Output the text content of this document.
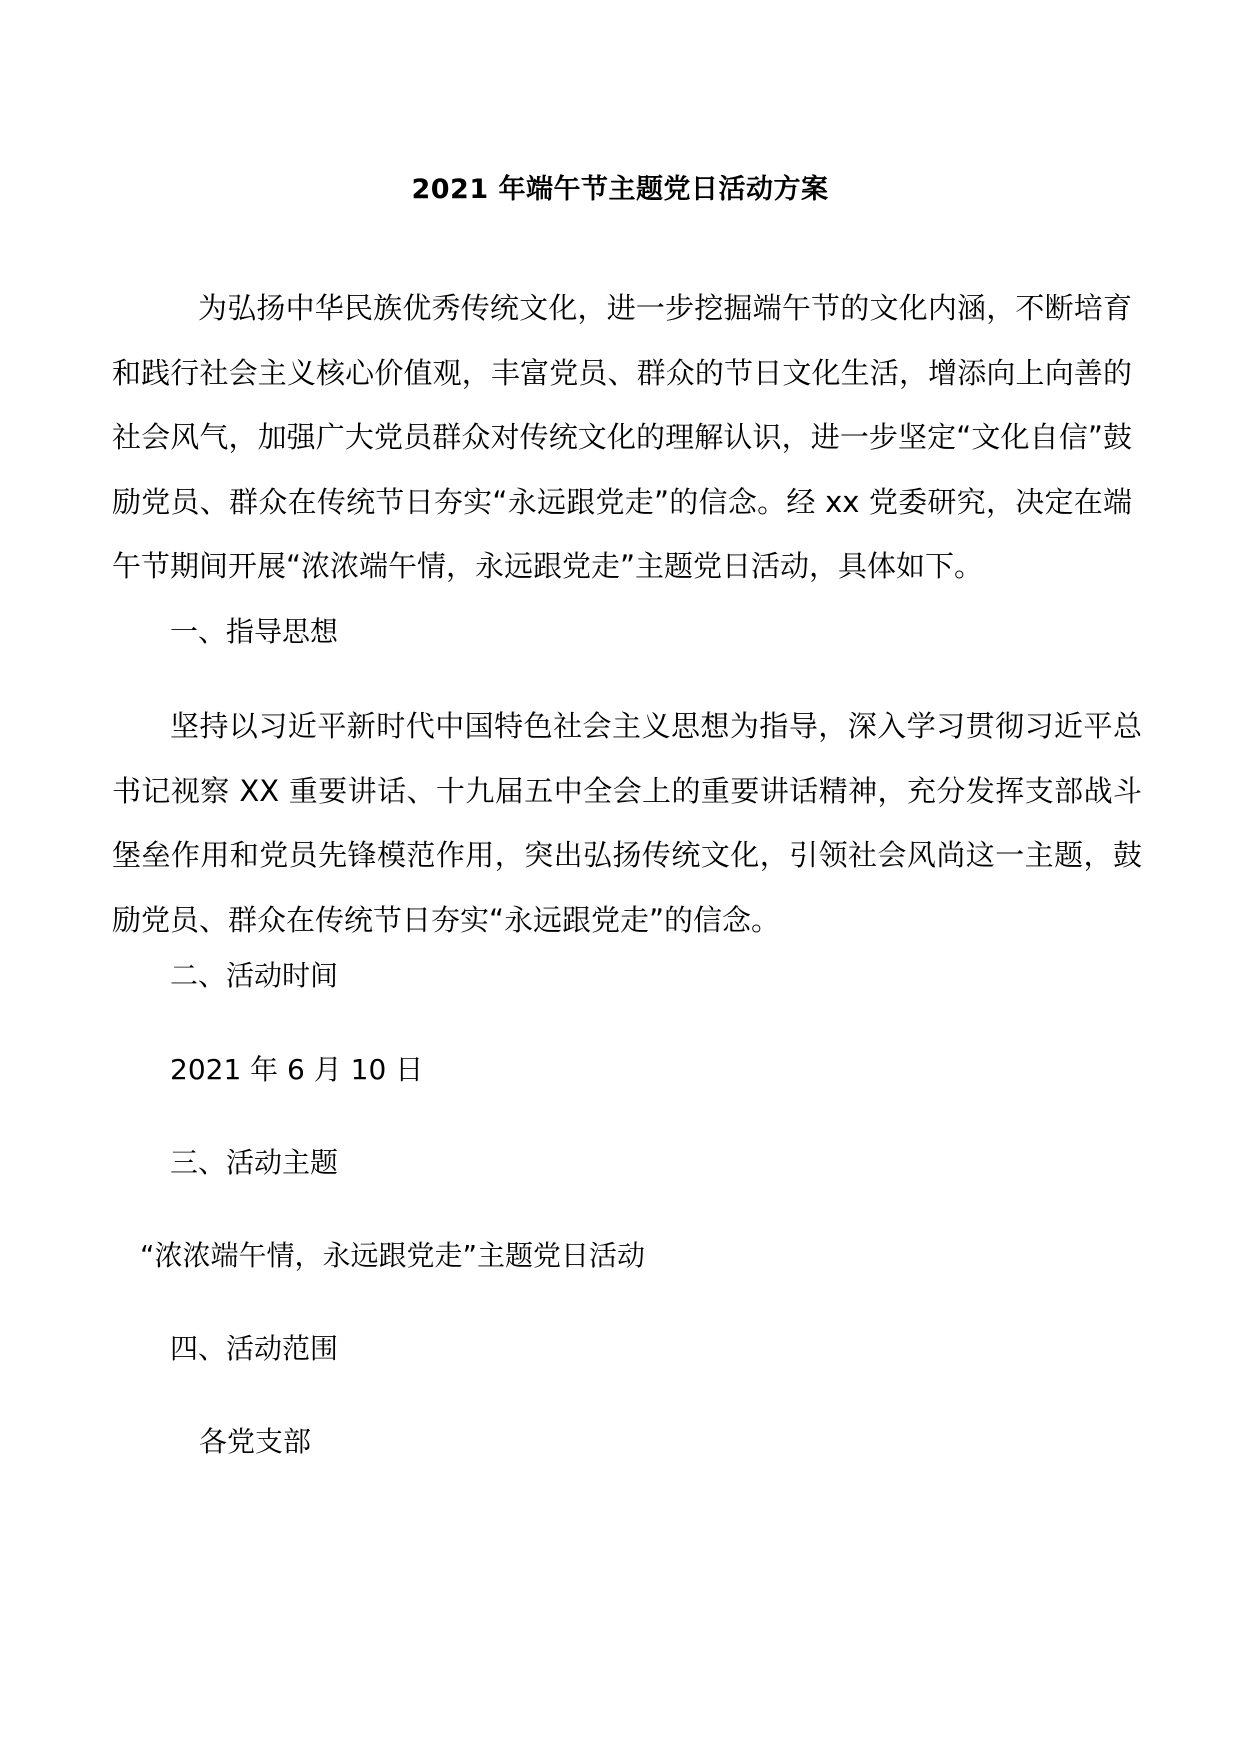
2021 年端午节主题党日活动方案

为弘扬中华民族优秀传统文化，进一步挖掘端午节的文化内涵，不断培育和践行社会主义核心价值观，丰富党员、群众的节日文化生活，增添向上向善的社会风气，加强广大党员群众对传统文化的理解认识，进一步坚定“文化自信”鼓励党员、群众在传统节日夯实“永远跟党走”的信念。经 xx 党委研究，决定在端午节期间开展“浓浓端午情，永远跟党走”主题党日活动，具体如下。

一、指导思想

坚持以习近平新时代中国特色社会主义思想为指导，深入学习贯彻习近平总书记视察 XX 重要讲话、十九届五中全会上的重要讲话精神，充分发挥支部战斗堡垒作用和党员先锋模范作用，突出弘扬传统文化，引领社会风尚这一主题，鼓励党员、群众在传统节日夯实“永远跟党走”的信念。

二、活动时间

2021 年 6 月 10 日

三、活动主题

“浓浓端午情，永远跟党走”主题党日活动

四、活动范围

各党支部
